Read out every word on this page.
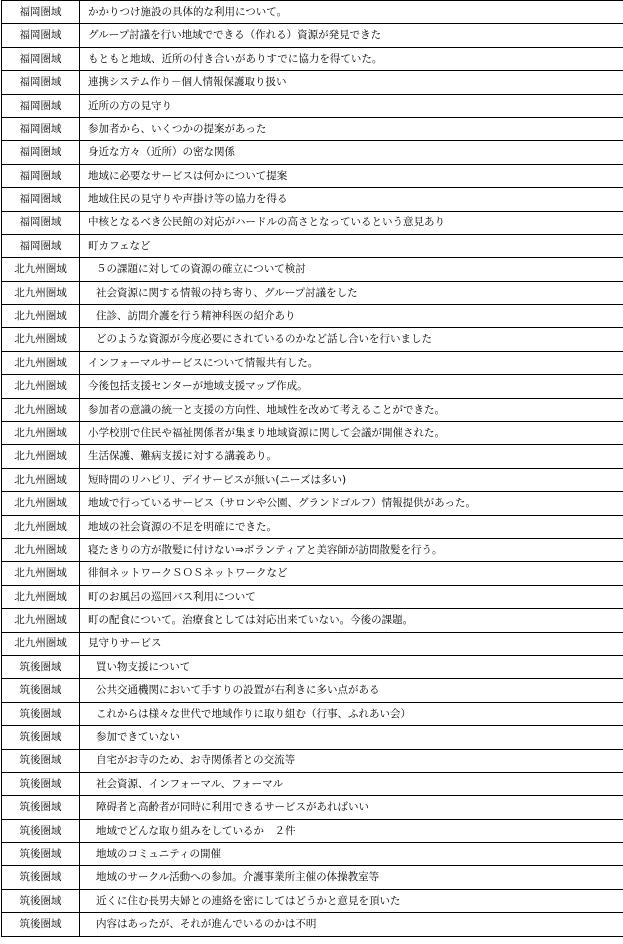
福岡圏域	かかりつけ施設の具体的な利用について。
福岡圏域	グループ討議を行い地域でできる（作れる）資源が発見できた
福岡圏域	もともと地域、近所の付き合いがありすでに協力を得ていた。
福岡圏域	連携システム作り－個人情報保護取り扱い
福岡圏域	近所の方の見守り
福岡圏域	参加者から、いくつかの提案があった
福岡圏域	身近な方々（近所）の密な関係
福岡圏域	地域に必要なサービスは何かについて提案
福岡圏域	地域住民の見守りや声掛け等の協力を得る
福岡圏域	中核となるべき公民館の対応がハードルの高さとなっているという意見あり
福岡圏域	町カフェなど
北九州圏域	５の課題に対しての資源の確立について検討
北九州圏域	社会資源に関する情報の持ち寄り、グループ討議をした
北九州圏域	住診、訪問介護を行う精神科医の紹介あり
北九州圏域	どのような資源が今度必要にされているのかなど話し合いを行いました
北九州圏域	インフォーマルサービスについて情報共有した。
北九州圏域	今後包括支援センターが地域支援マップ作成。
北九州圏域	参加者の意識の統一と支援の方向性、地域性を改めて考えることができた。
北九州圏域	小学校別で住民や福祉関係者が集まり地域資源に関して会議が開催された。
北九州圏域	生活保護、難病支援に対する講義あり。
北九州圏域	短時間のリハビリ、デイサービスが無い(ニーズは多い)
北九州圏域	地域で行っているサービス（サロンや公園、グランドゴルフ）情報提供があった。
北九州圏域	地域の社会資源の不足を明確にできた。
北九州圏域	寝たきりの方が散髪に付けない⇒ボランティアと美容師が訪問散髪を行う。
北九州圏域	徘徊ネットワークＳＯＳネットワークなど
北九州圏域	町のお風呂の巡回バス利用について
北九州圏域	町の配食について。治療食としては対応出来ていない。今後の課題。
北九州圏域	見守りサービス
筑後圏域	買い物支援について
筑後圏域	公共交通機関において手すりの設置が右利きに多い点がある
筑後圏域	これからは様々な世代で地域作りに取り組む（行事、ふれあい会）
筑後圏域	参加できていない
筑後圏域	自宅がお寺のため、お寺関係者との交流等
筑後圏域	社会資源、インフォーマル、フォーマル
筑後圏域	障碍者と高齢者が同時に利用できるサービスがあればいい
筑後圏域	地域でどんな取り組みをしているか　２件
筑後圏域	地域のコミュニティの開催
筑後圏域	地域のサークル活動への参加。介護事業所主催の体操教室等
筑後圏域	近くに住む長男夫婦との連絡を密にしてはどうかと意見を頂いた
筑後圏域	内容はあったが、それが進んでいるのかは不明
